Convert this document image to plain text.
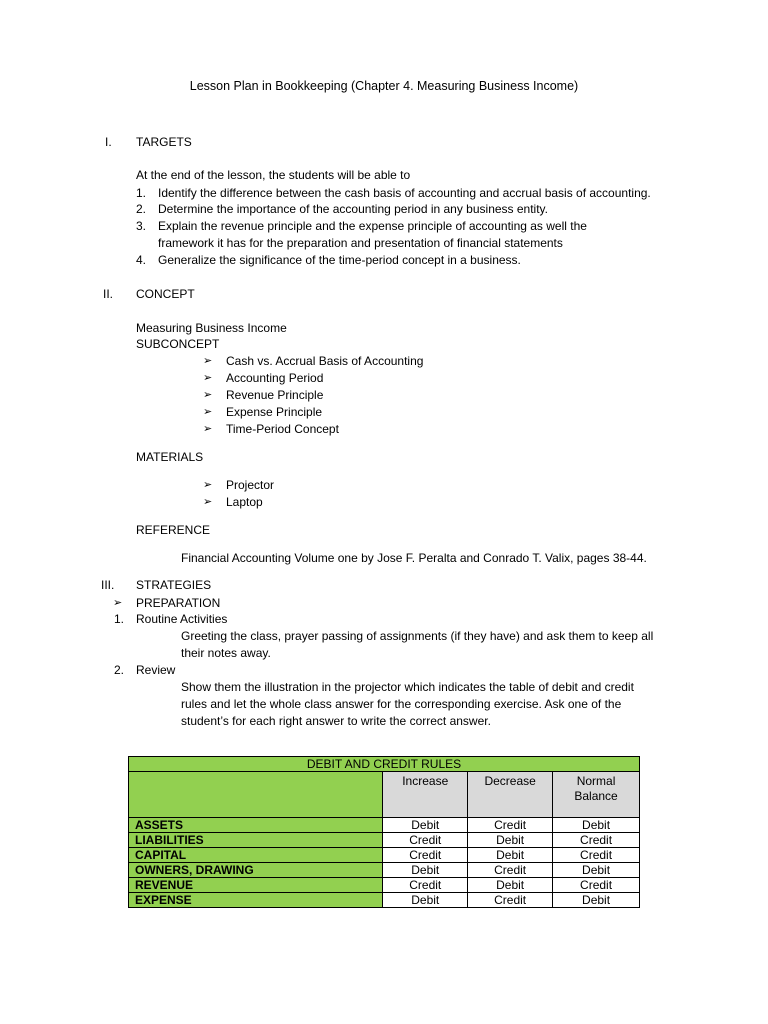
Lesson Plan in Bookkeeping (Chapter 4. Measuring Business Income)
I.	TARGETS
At the end of the lesson, the students will be able to
1. Identify the difference between the cash basis of accounting and accrual basis of accounting.
2. Determine the importance of the accounting period in any business entity.
3. Explain the revenue principle and the expense principle of accounting as well the
framework it has for the preparation and presentation of financial statements
4. Generalize the significance of the time-period concept in a business.
II.	CONCEPT
Measuring Business Income
SUBCONCEPT
➢	Cash vs. Accrual Basis of Accounting
➢	Accounting Period
➢	Revenue Principle
➢	Expense Principle
➢	Time-Period Concept
MATERIALS
➢	Projector
➢	Laptop
REFERENCE
Financial Accounting Volume one by Jose F. Peralta and Conrado T. Valix, pages 38-44.
III.	STRATEGIES
➢	PREPARATION
1. Routine Activities
Greeting the class, prayer passing of assignments (if they have) and ask them to keep all
their notes away.
2. Review
Show them the illustration in the projector which indicates the table of debit and credit
rules and let the whole class answer for the corresponding exercise. Ask one of the
student’s for each right answer to write the correct answer.
DEBIT AND CREDIT RULES			
	Increase	Decrease	Normal
Balance
ASSETS	Debit	Credit	Debit
LIABILITIES	Credit	Debit	Credit
CAPITAL	Credit	Debit	Credit
OWNERS, DRAWING	Debit	Credit	Debit
REVENUE	Credit	Debit	Credit
EXPENSE	Debit	Credit	Debit
